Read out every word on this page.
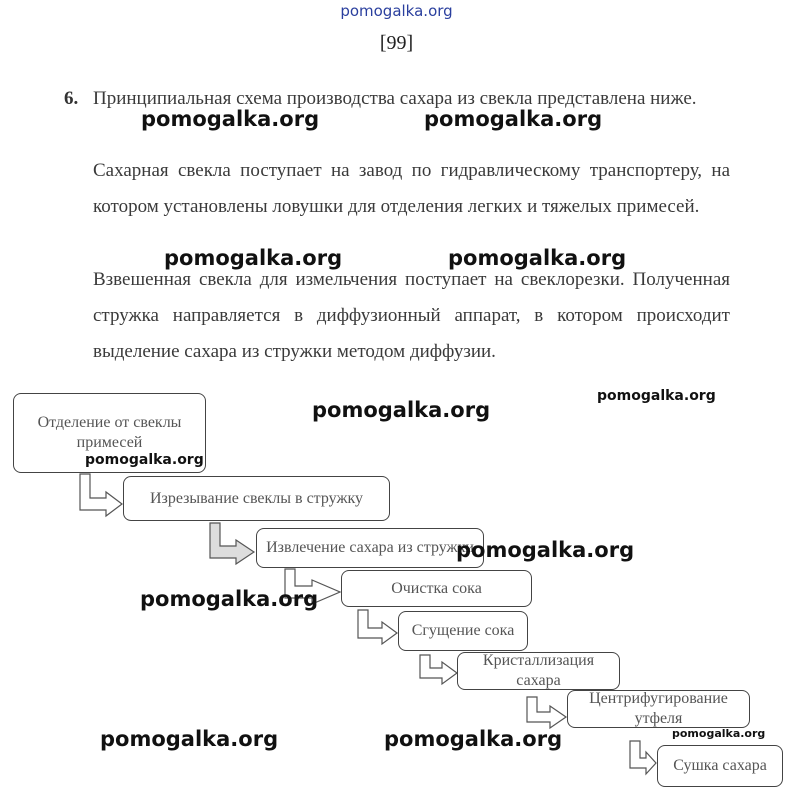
pomogalka.org
[99]
6. Принципиальная схема производства сахара из свекла представлена ниже.
Сахарная свекла поступает на завод по гидравлическому транспортеру, на котором установлены ловушки для отделения легких и тяжелых примесей.
Взвешенная свекла для измельчения поступает на свеклорезки. Полученная стружка направляется в диффузионный аппарат, в котором происходит выделение сахара из стружки методом диффузии.
Отделение от свеклы примесей
Изрезывание свеклы в стружку
Извлечение сахара из стружки
Очистка сока
Сгущение сока
Кристаллизация сахара
Центрифугирование утфеля
Сушка сахара
pomogalka.org	pomogalka.org
pomogalka.org	pomogalka.org
pomogalka.org
pomogalka.org
pomogalka.org
pomogalka.org
pomogalka.org
pomogalka.org	pomogalka.org	pomogalka.org
